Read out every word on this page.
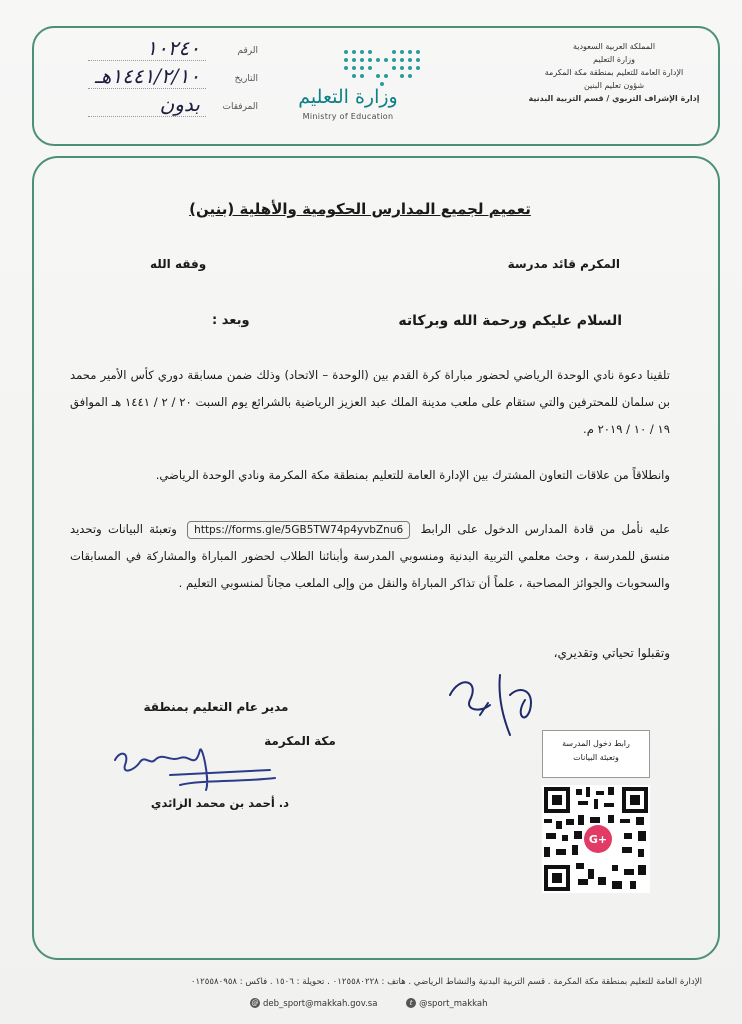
المملكة العربية السعودية
وزارة التعليم
الإدارة العامة للتعليم بمنطقة مكة المكرمة
شؤون تعليم البنين
إدارة الإشراف التربوي / قسم التربية البدنية
وزارة التعليم
Ministry of Education
الرقم
١٠٢٤٠
التاريخ
١٤٤١/٢/١٠هـ
المرفقات
بدون
تعميم لجميع المدارس الحكومية والأهلية (بنين)
المكرم قائد مدرسة
وفقه الله
السلام عليكم ورحمة الله وبركاته
وبعد :
تلقينا دعوة نادي الوحدة الرياضي لحضور مباراة كرة القدم بين (الوحدة – الاتحاد) وذلك ضمن مسابقة دوري كأس الأمير محمد بن سلمان للمحترفين والتي ستقام على ملعب مدينة الملك عبد العزيز الرياضية بالشرائع يوم السبت ٢٠ / ٢ / ١٤٤١ هـ الموافق ١٩ / ١٠ / ٢٠١٩ م.
وانطلاقاً من علاقات التعاون المشترك بين الإدارة العامة للتعليم بمنطقة مكة المكرمة ونادي الوحدة الرياضي.
عليه نأمل من قادة المدارس الدخول على الرابط https://forms.gle/5GB5TW74p4yvbZnu6 وتعبئة البيانات وتحديد منسق للمدرسة ، وحث معلمي التربية البدنية ومنسوبي المدرسة وأبنائنا الطلاب لحضور المباراة والمشاركة في المسابقات والسحوبات والجوائز المصاحبة ، علماً أن تذاكر المباراة والنقل من وإلى الملعب مجاناً لمنسوبي التعليم .
وتقبلوا تحياتي وتقديري،
مدير عام التعليم بمنطقة
مكة المكرمة
د. أحمد بن محمد الزائدي
رابط دخول المدرسة
وتعبئة البيانات
G+
الإدارة العامة للتعليم بمنطقة مكة المكرمة . قسم التربية البدنية والنشاط الرياضي . هاتف : ٠١٢٥٥٨٠٢٢٨ . تحويلة : ١٥٠٦ . فاكس : ٠١٢٥٥٨٠٩٥٨
@ deb_sport@makkah.gov.sa	t @sport_makkah
